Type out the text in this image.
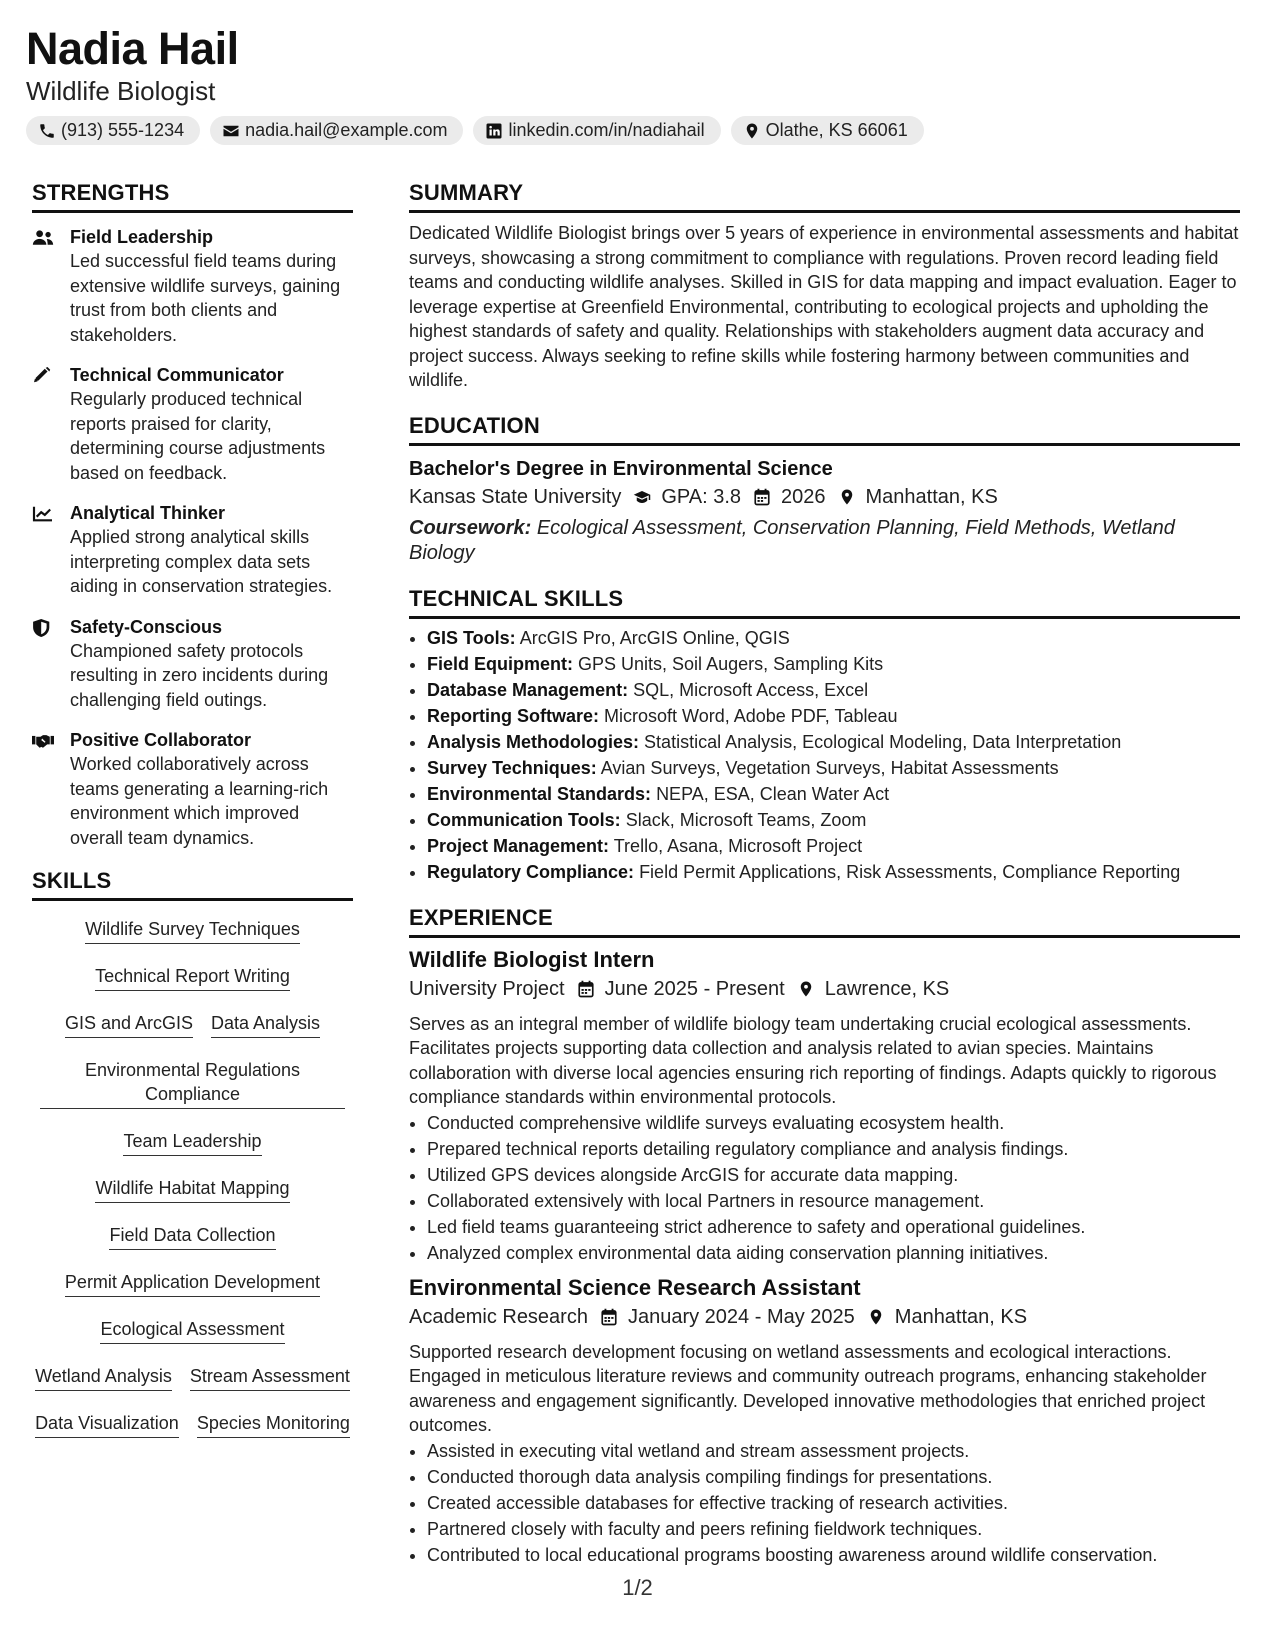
Nadia Hail
Wildlife Biologist
(913) 555-1234	nadia.hail@example.com	linkedin.com/in/nadiahail	Olathe, KS 66061
STRENGTHS
Field Leadership
Led successful field teams during extensive wildlife surveys, gaining trust from both clients and stakeholders.
Technical Communicator
Regularly produced technical reports praised for clarity, determining course adjustments based on feedback.
Analytical Thinker
Applied strong analytical skills interpreting complex data sets aiding in conservation strategies.
Safety-Conscious
Championed safety protocols resulting in zero incidents during challenging field outings.
Positive Collaborator
Worked collaboratively across teams generating a learning-rich environment which improved overall team dynamics.
SKILLS
Wildlife Survey Techniques
Technical Report Writing
GIS and ArcGIS Data Analysis
Environmental Regulations Compliance
Team Leadership
Wildlife Habitat Mapping
Field Data Collection
Permit Application Development
Ecological Assessment
Wetland Analysis Stream Assessment
Data Visualization Species Monitoring
SUMMARY

Dedicated Wildlife Biologist brings over 5 years of experience in environmental assessments and habitat surveys, showcasing a strong commitment to compliance with regulations. Proven record leading field teams and conducting wildlife analyses. Skilled in GIS for data mapping and impact evaluation. Eager to leverage expertise at Greenfield Environmental, contributing to ecological projects and upholding the highest standards of safety and quality. Relationships with stakeholders augment data accuracy and project success. Always seeking to refine skills while fostering harmony between communities and wildlife.

EDUCATION
Bachelor's Degree in Environmental Science
Kansas State University GPA: 3.8 2026 Manhattan, KS
Coursework: Ecological Assessment, Conservation Planning, Field Methods, Wetland Biology
TECHNICAL SKILLS
• GIS Tools: ArcGIS Pro, ArcGIS Online, QGIS
• Field Equipment: GPS Units, Soil Augers, Sampling Kits
• Database Management: SQL, Microsoft Access, Excel
• Reporting Software: Microsoft Word, Adobe PDF, Tableau
• Analysis Methodologies: Statistical Analysis, Ecological Modeling, Data Interpretation
• Survey Techniques: Avian Surveys, Vegetation Surveys, Habitat Assessments
• Environmental Standards: NEPA, ESA, Clean Water Act
• Communication Tools: Slack, Microsoft Teams, Zoom
• Project Management: Trello, Asana, Microsoft Project
• Regulatory Compliance: Field Permit Applications, Risk Assessments, Compliance Reporting
EXPERIENCE
Wildlife Biologist Intern
University Project June 2025 - Present Lawrence, KS
Serves as an integral member of wildlife biology team undertaking crucial ecological assessments. Facilitates projects supporting data collection and analysis related to avian species. Maintains collaboration with diverse local agencies ensuring rich reporting of findings. Adapts quickly to rigorous compliance standards within environmental protocols.
• Conducted comprehensive wildlife surveys evaluating ecosystem health.
• Prepared technical reports detailing regulatory compliance and analysis findings.
• Utilized GPS devices alongside ArcGIS for accurate data mapping.
• Collaborated extensively with local Partners in resource management.
• Led field teams guaranteeing strict adherence to safety and operational guidelines.
• Analyzed complex environmental data aiding conservation planning initiatives.
Environmental Science Research Assistant
Academic Research January 2024 - May 2025 Manhattan, KS
Supported research development focusing on wetland assessments and ecological interactions. Engaged in meticulous literature reviews and community outreach programs, enhancing stakeholder awareness and engagement significantly. Developed innovative methodologies that enriched project outcomes.
• Assisted in executing vital wetland and stream assessment projects.
• Conducted thorough data analysis compiling findings for presentations.
• Created accessible databases for effective tracking of research activities.
• Partnered closely with faculty and peers refining fieldwork techniques.
• Contributed to local educational programs boosting awareness around wildlife conservation.
1/2
